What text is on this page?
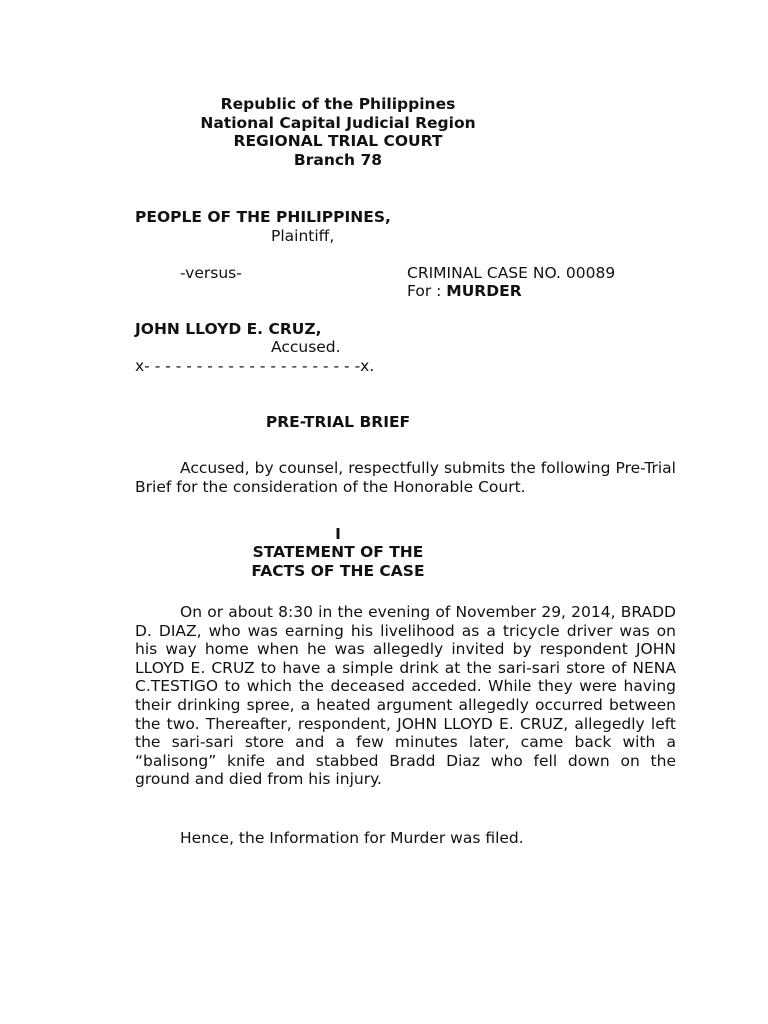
Republic of the Philippines
National Capital Judicial Region
REGIONAL TRIAL COURT
Branch 78
PEOPLE OF THE PHILIPPINES,
Plaintiff,
-versus-	CRIMINAL CASE NO. 00089
For : MURDER
JOHN LLOYD E. CRUZ,
Accused.
x- - - - - - - - - - - - - - - - - - - - -x.
PRE-TRIAL BRIEF
Accused, by counsel, respectfully submits the following Pre-Trial Brief for the consideration of the Honorable Court.
I
STATEMENT OF THE
FACTS OF THE CASE
On or about 8:30 in the evening of November 29, 2014, BRADD D. DIAZ, who was earning his livelihood as a tricycle driver was on his way home when he was allegedly invited by respondent JOHN LLOYD E. CRUZ to have a simple drink at the sari-sari store of NENA C.TESTIGO to which the deceased acceded. While they were having their drinking spree, a heated argument allegedly occurred between the two. Thereafter, respondent, JOHN LLOYD E. CRUZ, allegedly left the sari-sari store and a few minutes later, came back with a “balisong” knife and stabbed Bradd Diaz who fell down on the ground and died from his injury.
Hence, the Information for Murder was filed.
